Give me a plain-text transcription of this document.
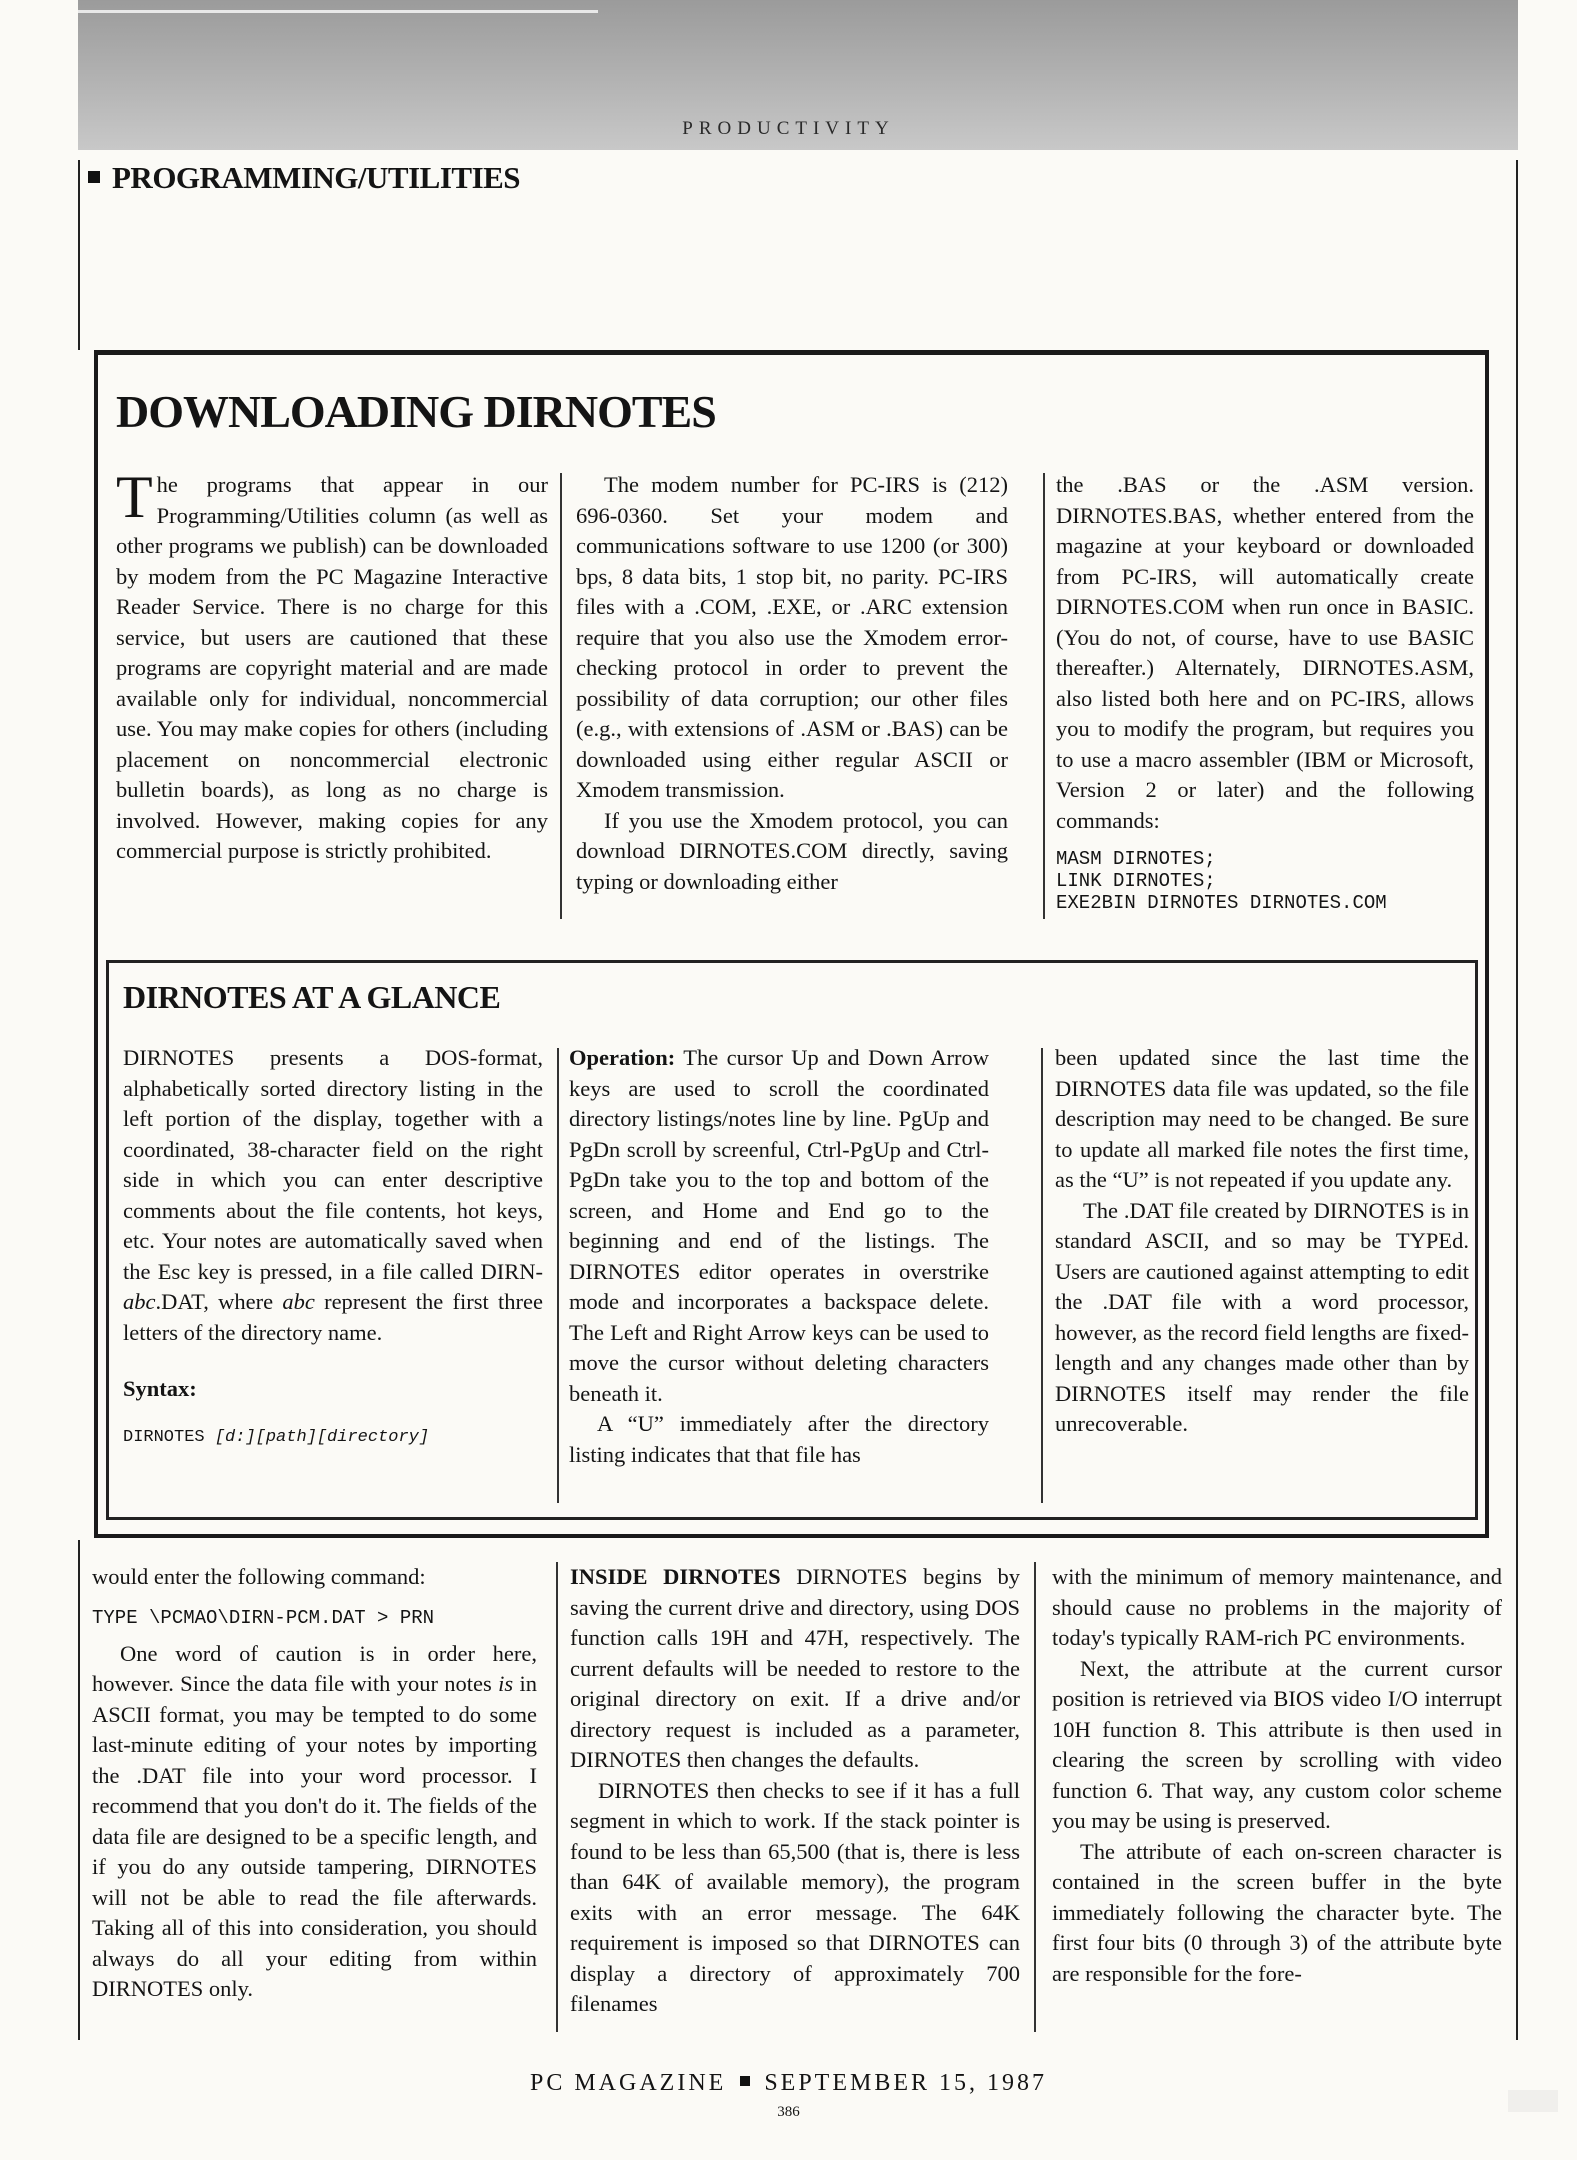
PRODUCTIVITY
PROGRAMMING/UTILITIES
DOWNLOADING DIRNOTES

The programs that appear in our Programming/Utilities column (as well as other programs we publish) can be downloaded by modem from the PC Magazine Interactive Reader Service. There is no charge for this service, but users are cautioned that these programs are copyright material and are made available only for individual, noncommercial use. You may make copies for others (including placement on noncommercial electronic bulletin boards), as long as no charge is involved. However, making copies for any commercial purpose is strictly prohibited.

The modem number for PC-IRS is (212) 696-0360. Set your modem and communications software to use 1200 (or 300) bps, 8 data bits, 1 stop bit, no parity. PC-IRS files with a .COM, .EXE, or .ARC extension require that you also use the Xmodem error-checking protocol in order to prevent the possibility of data corruption; our other files (e.g., with extensions of .ASM or .BAS) can be downloaded using either regular ASCII or Xmodem transmission.

If you use the Xmodem protocol, you can download DIRNOTES.COM directly, saving typing or downloading either

the .BAS or the .ASM version. DIRNOTES.BAS, whether entered from the magazine at your keyboard or downloaded from PC-IRS, will automatically create DIRNOTES.COM when run once in BASIC. (You do not, of course, have to use BASIC thereafter.) Alternately, DIRNOTES.ASM, also listed both here and on PC-IRS, allows you to modify the program, but requires you to use a macro assembler (IBM or Microsoft, Version 2 or later) and the following commands:

MASM DIRNOTES;
LINK DIRNOTES;
EXE2BIN DIRNOTES DIRNOTES.COM
DIRNOTES AT A GLANCE

DIRNOTES presents a DOS-format, alphabetically sorted directory listing in the left portion of the display, together with a coordinated, 38-character field on the right side in which you can enter descriptive comments about the file contents, hot keys, etc. Your notes are automatically saved when the Esc key is pressed, in a file called DIRN-abc.DAT, where abc represent the first three letters of the directory name.

Syntax:
DIRNOTES [d:][path][directory]

Operation: The cursor Up and Down Arrow keys are used to scroll the coordinated directory listings/notes line by line. PgUp and PgDn scroll by screenful, Ctrl-PgUp and Ctrl-PgDn take you to the top and bottom of the screen, and Home and End go to the beginning and end of the listings. The DIRNOTES editor operates in overstrike mode and incorporates a backspace delete. The Left and Right Arrow keys can be used to move the cursor without deleting characters beneath it.

A “U” immediately after the directory listing indicates that that file has

been updated since the last time the DIRNOTES data file was updated, so the file description may need to be changed. Be sure to update all marked file notes the first time, as the “U” is not repeated if you update any.

The .DAT file created by DIRNOTES is in standard ASCII, and so may be TYPEd. Users are cautioned against attempting to edit the .DAT file with a word processor, however, as the record field lengths are fixed-length and any changes made other than by DIRNOTES itself may render the file unrecoverable.

would enter the following command:

TYPE \PCMAO\DIRN-PCM.DAT > PRN

One word of caution is in order here, however. Since the data file with your notes is in ASCII format, you may be tempted to do some last-minute editing of your notes by importing the .DAT file into your word processor. I recommend that you don't do it. The fields of the data file are designed to be a specific length, and if you do any outside tampering, DIRNOTES will not be able to read the file afterwards. Taking all of this into consideration, you should always do all your editing from within DIRNOTES only.

INSIDE DIRNOTES DIRNOTES begins by saving the current drive and directory, using DOS function calls 19H and 47H, respectively. The current defaults will be needed to restore to the original directory on exit. If a drive and/or directory request is included as a parameter, DIRNOTES then changes the defaults.

DIRNOTES then checks to see if it has a full segment in which to work. If the stack pointer is found to be less than 65,500 (that is, there is less than 64K of available memory), the program exits with an error message. The 64K requirement is imposed so that DIRNOTES can display a directory of approximately 700 filenames

with the minimum of memory maintenance, and should cause no problems in the majority of today's typically RAM-rich PC environments.

Next, the attribute at the current cursor position is retrieved via BIOS video I/O interrupt 10H function 8. This attribute is then used in clearing the screen by scrolling with video function 6. That way, any custom color scheme you may be using is preserved.

The attribute of each on-screen character is contained in the screen buffer in the byte immediately following the character byte. The first four bits (0 through 3) of the attribute byte are responsible for the fore-

PC MAGAZINE SEPTEMBER 15, 1987
386
